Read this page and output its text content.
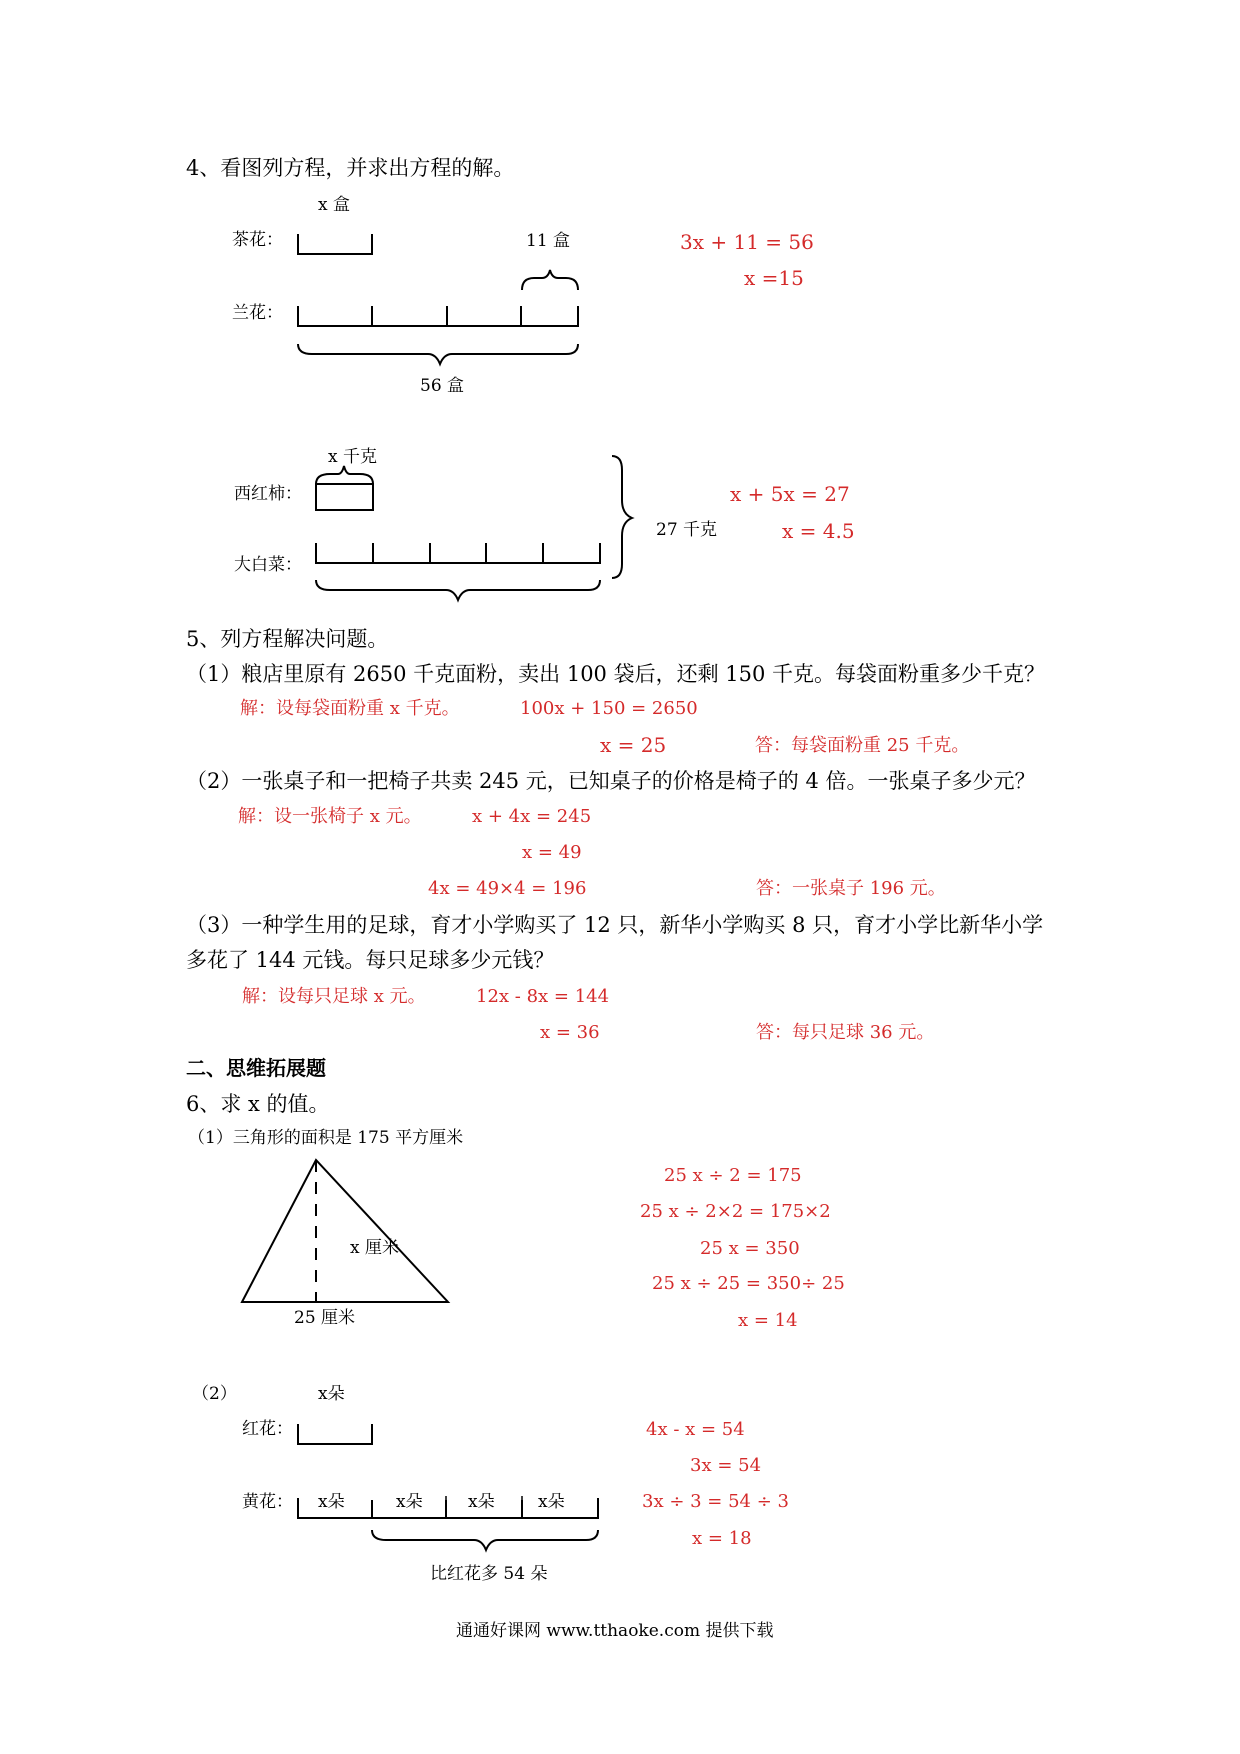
4、看图列方程，并求出方程的解。
x 盒
茶花：	11 盒
兰花：
56 盒
3x + 11 = 56
x =15
x 千克
西红柿：
大白菜：
27 千克
x + 5x = 27
x = 4.5
5、列方程解决问题。
（1）粮店里原有 2650 千克面粉，卖出 100 袋后，还剩 150 千克。每袋面粉重多少千克？
解：设每袋面粉重 x 千克。	100x + 150 = 2650
x = 25	答：每袋面粉重 25 千克。
（2）一张桌子和一把椅子共卖 245 元，已知桌子的价格是椅子的 4 倍。一张桌子多少元？
解：设一张椅子 x 元。	x + 4x = 245
x = 49
4x = 49×4 = 196	答：一张桌子 196 元。
（3）一种学生用的足球，育才小学购买了 12 只，新华小学购买 8 只，育才小学比新华小学
多花了 144 元钱。每只足球多少元钱？
解：设每只足球 x 元。	12x - 8x = 144
x = 36	答：每只足球 36 元。
二、思维拓展题
6、求 x 的值。
（1）三角形的面积是 175 平方厘米
x 厘米
25 厘米
25 x ÷ 2 = 175
25 x ÷ 2×2 = 175×2
25 x = 350
25 x ÷ 25 = 350÷ 25
x = 14
（2）	x朵
红花：
黄花： x朵	x朵	x朵	x朵
比红花多 54 朵
4x - x = 54
3x = 54
3x ÷ 3 = 54 ÷ 3
x = 18
通通好课网 www.tthaoke.com 提供下载
